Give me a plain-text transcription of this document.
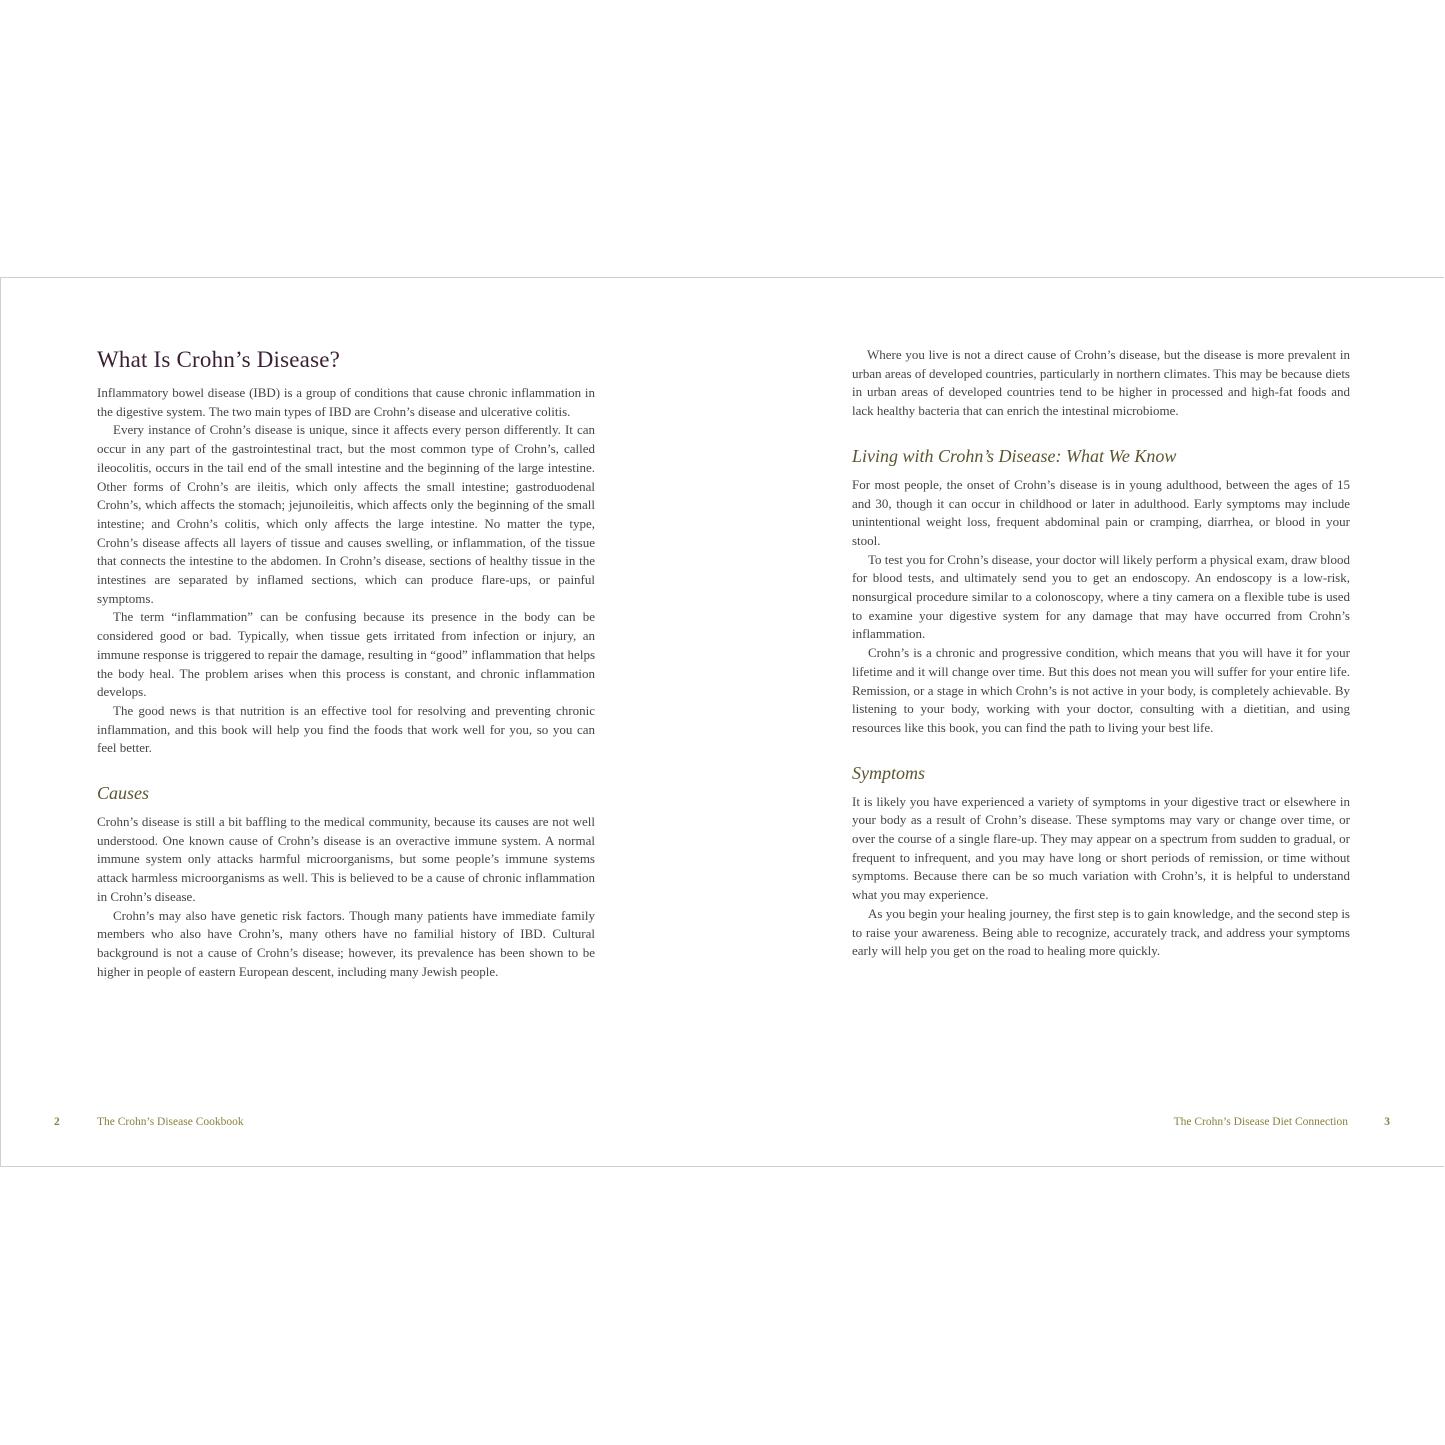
What Is Crohn’s Disease?

Inflammatory bowel disease (IBD) is a group of conditions that cause chronic inflammation in the digestive system. The two main types of IBD are Crohn’s disease and ulcerative colitis.

Every instance of Crohn’s disease is unique, since it affects every person differently. It can occur in any part of the gastrointestinal tract, but the most common type of Crohn’s, called ileocolitis, occurs in the tail end of the small intestine and the beginning of the large intestine. Other forms of Crohn’s are ileitis, which only affects the small intestine; gastroduodenal Crohn’s, which affects the stomach; jejunoileitis, which affects only the beginning of the small intestine; and Crohn’s colitis, which only affects the large intestine. No matter the type, Crohn’s disease affects all layers of tissue and causes swelling, or inflammation, of the tissue that connects the intestine to the abdomen. In Crohn’s disease, sections of healthy tissue in the intestines are separated by inflamed sections, which can produce flare-ups, or painful symptoms.

The term “inflammation” can be confusing because its presence in the body can be considered good or bad. Typically, when tissue gets irritated from infection or injury, an immune response is triggered to repair the damage, resulting in “good” inflammation that helps the body heal. The problem arises when this process is constant, and chronic inflammation develops.

The good news is that nutrition is an effective tool for resolving and preventing chronic inflammation, and this book will help you find the foods that work well for you, so you can feel better.

Causes

Crohn’s disease is still a bit baffling to the medical community, because its causes are not well understood. One known cause of Crohn’s disease is an overactive immune system. A normal immune system only attacks harmful microorganisms, but some people’s immune systems attack harmless microorganisms as well. This is believed to be a cause of chronic inflammation in Crohn’s disease.

Crohn’s may also have genetic risk factors. Though many patients have immediate family members who also have Crohn’s, many others have no familial history of IBD. Cultural background is not a cause of Crohn’s disease; however, its prevalence has been shown to be higher in people of eastern European descent, including many Jewish people.

Where you live is not a direct cause of Crohn’s disease, but the disease is more prevalent in urban areas of developed countries, particularly in northern climates. This may be because diets in urban areas of developed countries tend to be higher in processed and high-fat foods and lack healthy bacteria that can enrich the intestinal microbiome.

Living with Crohn’s Disease: What We Know

For most people, the onset of Crohn’s disease is in young adulthood, between the ages of 15 and 30, though it can occur in childhood or later in adulthood. Early symptoms may include unintentional weight loss, frequent abdominal pain or cramping, diarrhea, or blood in your stool.

To test you for Crohn’s disease, your doctor will likely perform a physical exam, draw blood for blood tests, and ultimately send you to get an endoscopy. An endoscopy is a low-risk, nonsurgical procedure similar to a colonoscopy, where a tiny camera on a flexible tube is used to examine your digestive system for any damage that may have occurred from Crohn’s inflammation.

Crohn’s is a chronic and progressive condition, which means that you will have it for your lifetime and it will change over time. But this does not mean you will suffer for your entire life. Remission, or a stage in which Crohn’s is not active in your body, is completely achievable. By listening to your body, working with your doctor, consulting with a dietitian, and using resources like this book, you can find the path to living your best life.

Symptoms

It is likely you have experienced a variety of symptoms in your digestive tract or elsewhere in your body as a result of Crohn’s disease. These symptoms may vary or change over time, or over the course of a single flare-up. They may appear on a spectrum from sudden to gradual, or frequent to infrequent, and you may have long or short periods of remission, or time without symptoms. Because there can be so much variation with Crohn’s, it is helpful to understand what you may experience.

As you begin your healing journey, the first step is to gain knowledge, and the second step is to raise your awareness. Being able to recognize, accurately track, and address your symptoms early will help you get on the road to healing more quickly.

2	The Crohn’s Disease Cookbook	The Crohn’s Disease Diet Connection	3
